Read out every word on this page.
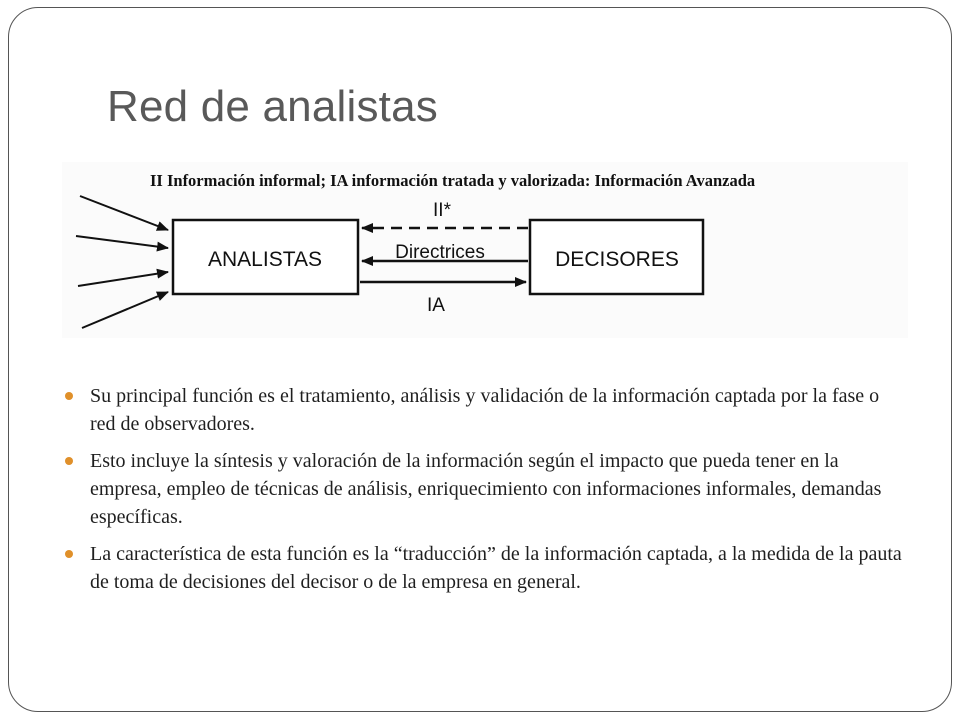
Red de analistas
II Información informal; IA información tratada y valorizada: Información Avanzada
ANALISTAS	DECISORES
II*
Directrices
IA
Su principal función es el tratamiento, análisis y validación de la información captada por la fase o red de observadores.
Esto incluye la síntesis y valoración de la información según el impacto que pueda tener en la empresa, empleo de técnicas de análisis, enriquecimiento con informaciones informales, demandas específicas.
La característica de esta función es la “traducción” de la información captada, a la medida de la pauta de toma de decisiones del decisor o de la empresa en general.
